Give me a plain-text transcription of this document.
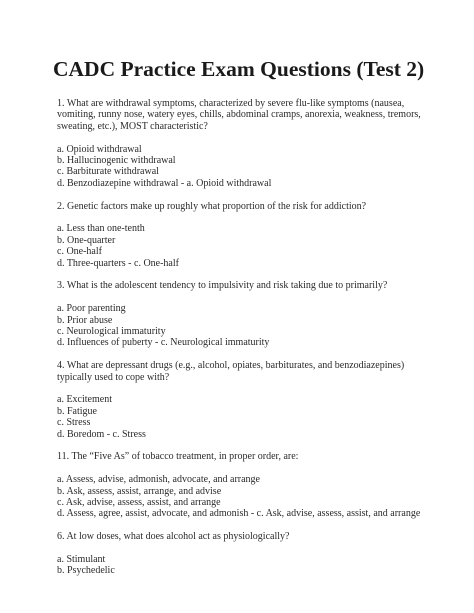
CADC Practice Exam Questions (Test 2)

1. What are withdrawal symptoms, characterized by severe flu-like symptoms (nausea, vomiting, runny nose, watery eyes, chills, abdominal cramps, anorexia, weakness, tremors, sweating, etc.), MOST characteristic?

a. Opioid withdrawal
b. Hallucinogenic withdrawal
c. Barbiturate withdrawal
d. Benzodiazepine withdrawal - a. Opioid withdrawal

2. Genetic factors make up roughly what proportion of the risk for addiction?

a. Less than one-tenth
b. One-quarter
c. One-half
d. Three-quarters - c. One-half

3. What is the adolescent tendency to impulsivity and risk taking due to primarily?

a. Poor parenting
b. Prior abuse
c. Neurological immaturity
d. Influences of puberty - c. Neurological immaturity

4. What are depressant drugs (e.g., alcohol, opiates, barbiturates, and benzodiazepines) typically used to cope with?

a. Excitement
b. Fatigue
c. Stress
d. Boredom - c. Stress

11. The “Five As” of tobacco treatment, in proper order, are:

a. Assess, advise, admonish, advocate, and arrange
b. Ask, assess, assist, arrange, and advise
c. Ask, advise, assess, assist, and arrange
d. Assess, agree, assist, advocate, and admonish - c. Ask, advise, assess, assist, and arrange

6. At low doses, what does alcohol act as physiologically?

a. Stimulant
b. Psychedelic
